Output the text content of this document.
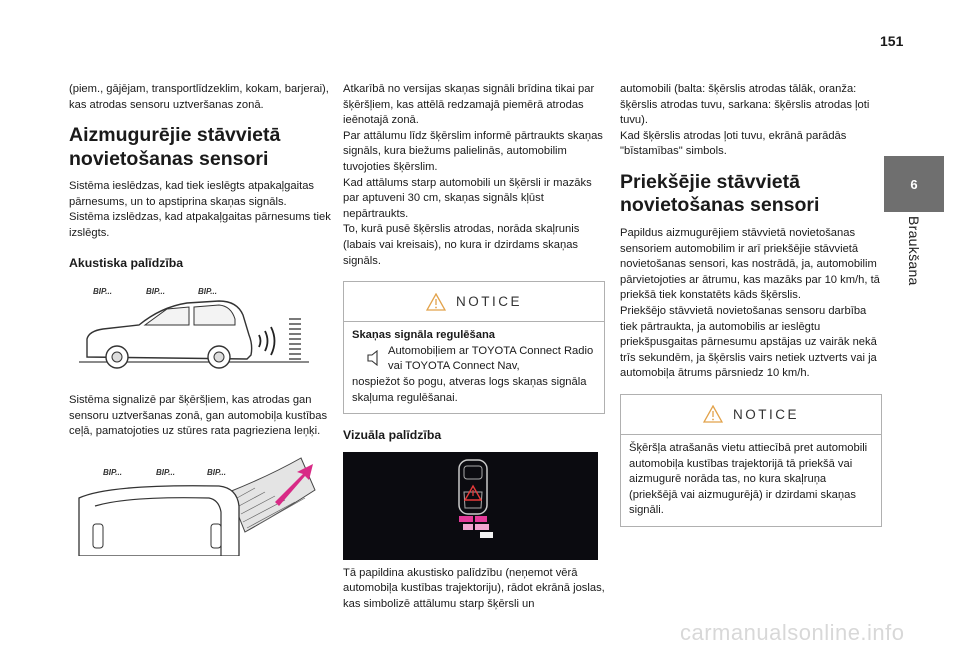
151
6
Braukšana

(piem., gājējam, transportlīdzeklim, kokam, barjerai), kas atrodas sensoru uztveršanas zonā.

Aizmugurējie stāvvietā novietošanas sensori

Sistēma ieslēdzas, kad tiek ieslēgts atpakaļgaitas pārnesums, un to apstiprina skaņas signāls.
Sistēma izslēdzas, kad atpakaļgaitas pārnesums tiek izslēgts.

Akustiska palīdzība
BIP...	BIP...	BIP...

Sistēma signalizē par šķēršļiem, kas atrodas gan sensoru uztveršanas zonā, gan automobiļa kustības ceļā, pamatojoties uz stūres rata pagrieziena leņķi.

BIP...	BIP...	BIP...

Atkarībā no versijas skaņas signāli brīdina tikai par šķēršļiem, kas attēlā redzamajā piemērā atrodas ieēnotajā zonā.
Par attālumu līdz šķērslim informē pārtraukts skaņas signāls, kura biežums palielinās, automobilim tuvojoties šķērslim.
Kad attālums starp automobili un šķērsli ir mazāks par aptuveni 30 cm, skaņas signāls kļūst nepārtraukts.
To, kurā pusē šķērslis atrodas, norāda skaļrunis (labais vai kreisais), no kura ir dzirdams skaņas signāls.

NOTICE
Skaņas signāla regulēšana
Automobiļiem ar TOYOTA Connect Radio vai TOYOTA Connect Nav,
nospiežot šo pogu, atveras logs skaņas signāla skaļuma regulēšanai.
Vizuāla palīdzība

Tā papildina akustisko palīdzību (neņemot vērā automobiļa kustības trajektoriju), rādot ekrānā joslas, kas simbolizē attālumu starp šķērsli un

automobili (balta: šķērslis atrodas tālāk, oranža: šķērslis atrodas tuvu, sarkana: šķērslis atrodas ļoti tuvu).
Kad šķērslis atrodas ļoti tuvu, ekrānā parādās "bīstamības" simbols.

Priekšējie stāvvietā novietošanas sensori

Papildus aizmugurējiem stāvvietā novietošanas sensoriem automobilim ir arī priekšējie stāvvietā novietošanas sensori, kas nostrādā, ja, automobilim pārvietojoties ar ātrumu, kas mazāks par 10 km/h, tā priekšā tiek konstatēts kāds šķērslis.
Priekšējo stāvvietā novietošanas sensoru darbība tiek pārtraukta, ja automobilis ar ieslēgtu priekšpusgaitas pārnesumu apstājas uz vairāk nekā trīs sekundēm, ja šķērslis vairs netiek uztverts vai ja automobiļa ātrums pārsniedz 10 km/h.

NOTICE
Šķēršļa atrašanās vietu attiecībā pret automobili automobiļa kustības trajektorijā tā priekšā vai aizmugurē norāda tas, no kura skaļruņa (priekšējā vai aizmugurējā) ir dzirdami skaņas signāli.
carmanualsonline.info
